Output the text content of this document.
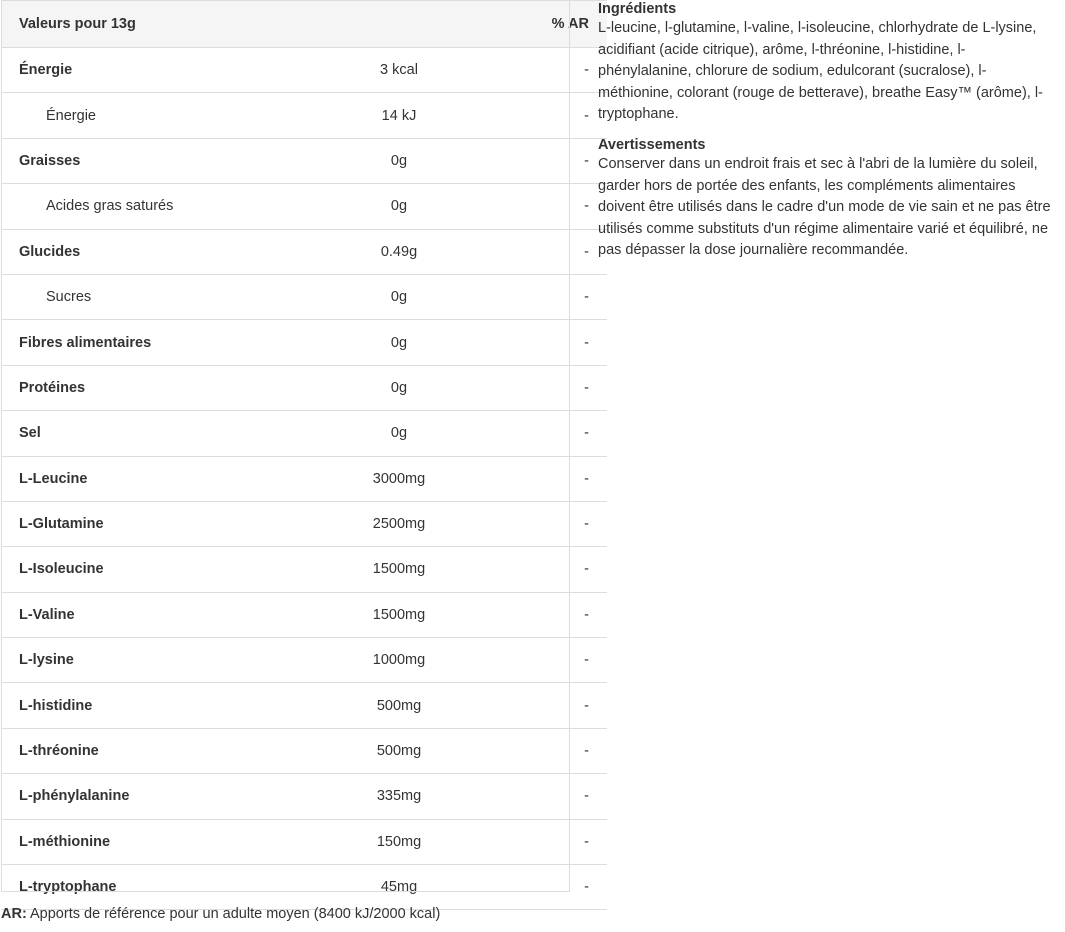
Valeurs pour 13g		% AR
Énergie	3 kcal	-
Énergie	14 kJ	-
Graisses	0g	-
Acides gras saturés	0g	-
Glucides	0.49g	-
Sucres	0g	-
Fibres alimentaires	0g	-
Protéines	0g	-
Sel	0g	-
L-Leucine	3000mg	-
L-Glutamine	2500mg	-
L-Isoleucine	1500mg	-
L-Valine	1500mg	-
L-lysine	1000mg	-
L-histidine	500mg	-
L-thréonine	500mg	-
L-phénylalanine	335mg	-
L-méthionine	150mg	-
L-tryptophane	45mg	-
AR: Apports de référence pour un adulte moyen (8400 kJ/2000 kcal)
Ingrédients

L-leucine, l-glutamine, l-valine, l-isoleucine, chlorhydrate de L-lysine, acidifiant (acide citrique), arôme, l-thréonine, l-histidine, l-phénylalanine, chlorure de sodium, edulcorant (sucralose), l-méthionine, colorant (rouge de betterave), breathe Easy™ (arôme), l-tryptophane.

Avertissements

Conserver dans un endroit frais et sec à l'abri de la lumière du soleil, garder hors de portée des enfants, les compléments alimentaires doivent être utilisés dans le cadre d'un mode de vie sain et ne pas être utilisés comme substituts d'un régime alimentaire varié et équilibré, ne pas dépasser la dose journalière recommandée.
